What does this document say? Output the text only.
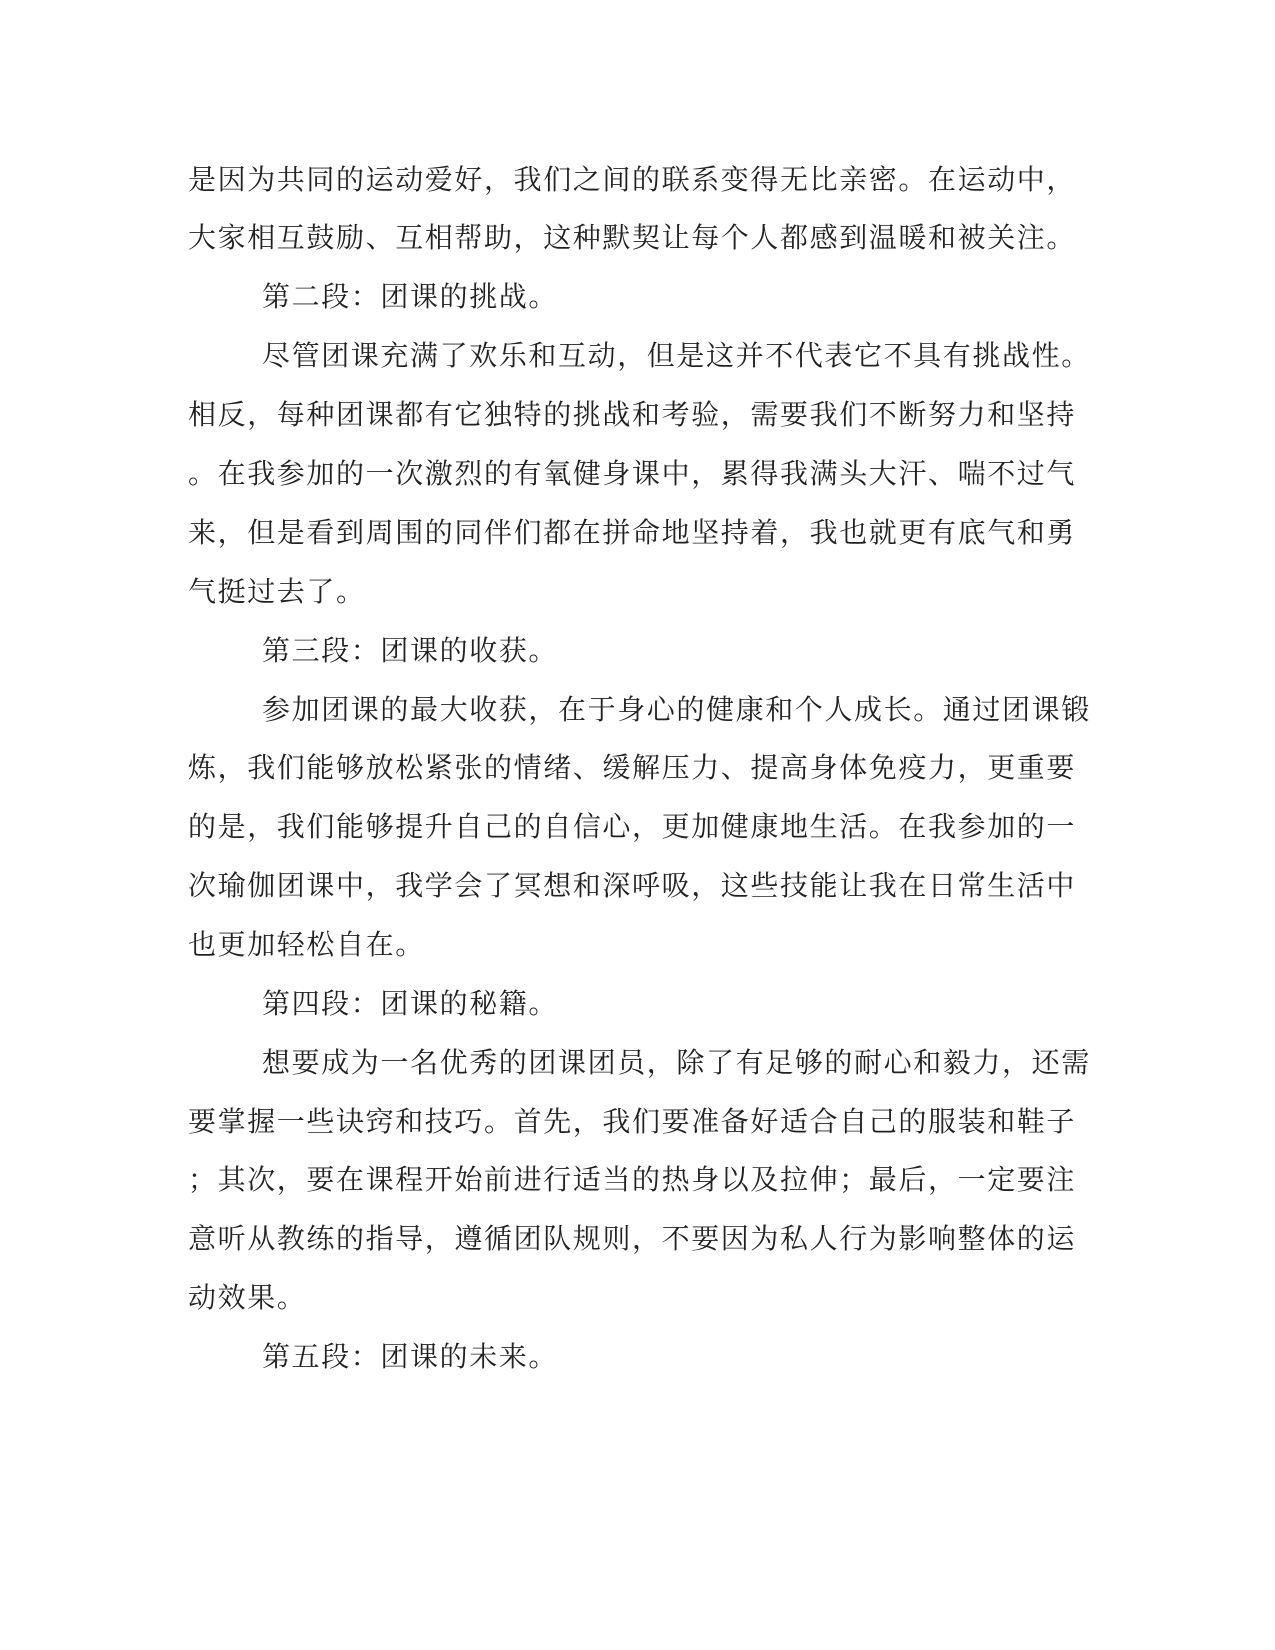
是因为共同的运动爱好，我们之间的联系变得无比亲密。在运动中，
大家相互鼓励、互相帮助，这种默契让每个人都感到温暖和被关注。
第二段：团课的挑战。
尽管团课充满了欢乐和互动，但是这并不代表它不具有挑战性。
相反，每种团课都有它独特的挑战和考验，需要我们不断努力和坚持
。在我参加的一次激烈的有氧健身课中，累得我满头大汗、喘不过气
来，但是看到周围的同伴们都在拼命地坚持着，我也就更有底气和勇
气挺过去了。
第三段：团课的收获。
参加团课的最大收获，在于身心的健康和个人成长。通过团课锻
炼，我们能够放松紧张的情绪、缓解压力、提高身体免疫力，更重要
的是，我们能够提升自己的自信心，更加健康地生活。在我参加的一
次瑜伽团课中，我学会了冥想和深呼吸，这些技能让我在日常生活中
也更加轻松自在。
第四段：团课的秘籍。
想要成为一名优秀的团课团员，除了有足够的耐心和毅力，还需
要掌握一些诀窍和技巧。首先，我们要准备好适合自己的服装和鞋子
；其次，要在课程开始前进行适当的热身以及拉伸；最后，一定要注
意听从教练的指导，遵循团队规则，不要因为私人行为影响整体的运
动效果。
第五段：团课的未来。
